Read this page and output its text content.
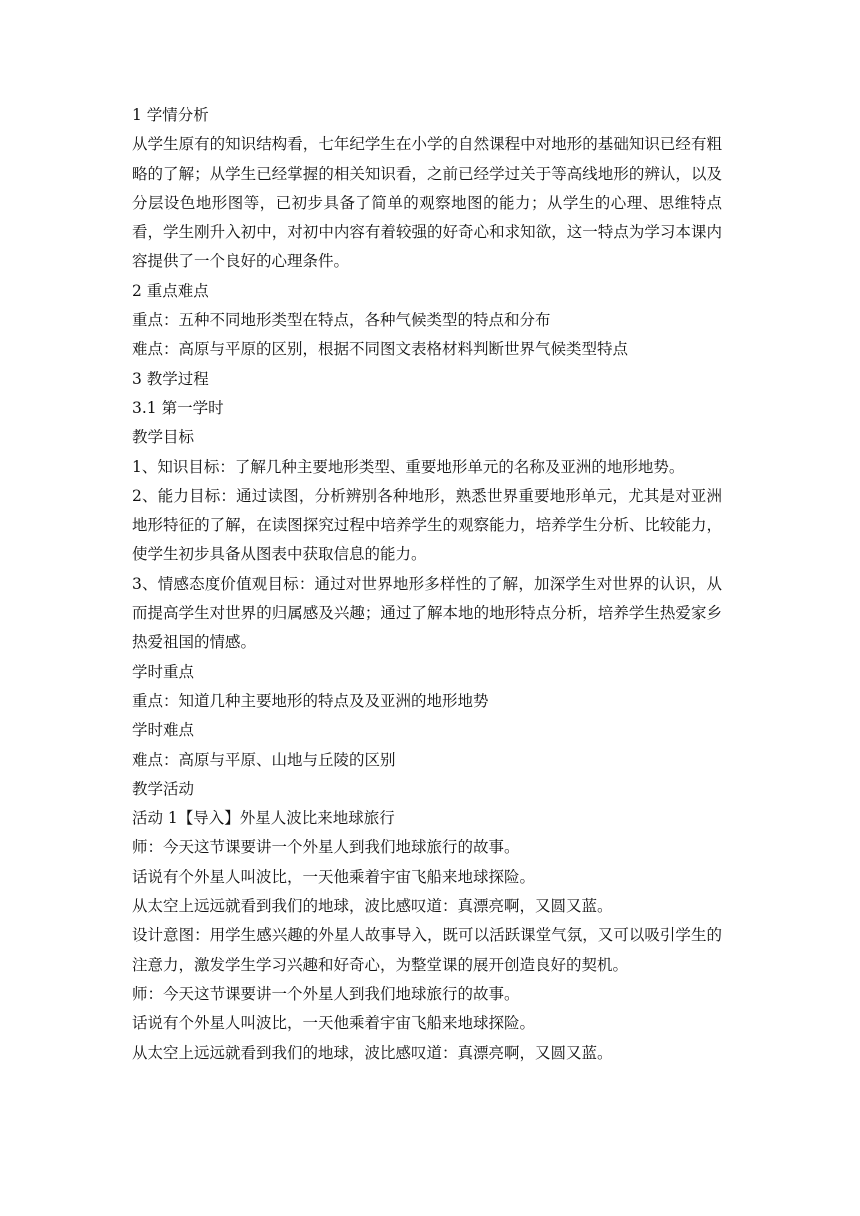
1 学情分析

从学生原有的知识结构看，七年纪学生在小学的自然课程中对地形的基础知识已经有粗略的了解；从学生已经掌握的相关知识看，之前已经学过关于等高线地形的辨认，以及分层设色地形图等，已初步具备了简单的观察地图的能力；从学生的心理、思维特点看，学生刚升入初中，对初中内容有着较强的好奇心和求知欲，这一特点为学习本课内容提供了一个良好的心理条件。

2 重点难点

重点：五种不同地形类型在特点，各种气候类型的特点和分布

难点：高原与平原的区别，根据不同图文表格材料判断世界气候类型特点

3 教学过程

3.1 第一学时

教学目标

1、知识目标：了解几种主要地形类型、重要地形单元的名称及亚洲的地形地势。

2、能力目标：通过读图，分析辨别各种地形，熟悉世界重要地形单元，尤其是对亚洲地形特征的了解，在读图探究过程中培养学生的观察能力，培养学生分析、比较能力，使学生初步具备从图表中获取信息的能力。

3、情感态度价值观目标：通过对世界地形多样性的了解，加深学生对世界的认识，从而提高学生对世界的归属感及兴趣；通过了解本地的地形特点分析，培养学生热爱家乡热爱祖国的情感。

学时重点

重点：知道几种主要地形的特点及及亚洲的地形地势

学时难点

难点：高原与平原、山地与丘陵的区别

教学活动

活动 1【导入】外星人波比来地球旅行

师：今天这节课要讲一个外星人到我们地球旅行的故事。

话说有个外星人叫波比，一天他乘着宇宙飞船来地球探险。

从太空上远远就看到我们的地球，波比感叹道：真漂亮啊，又圆又蓝。

设计意图：用学生感兴趣的外星人故事导入，既可以活跃课堂气氛，又可以吸引学生的注意力，激发学生学习兴趣和好奇心，为整堂课的展开创造良好的契机。

师：今天这节课要讲一个外星人到我们地球旅行的故事。

话说有个外星人叫波比，一天他乘着宇宙飞船来地球探险。

从太空上远远就看到我们的地球，波比感叹道：真漂亮啊，又圆又蓝。
